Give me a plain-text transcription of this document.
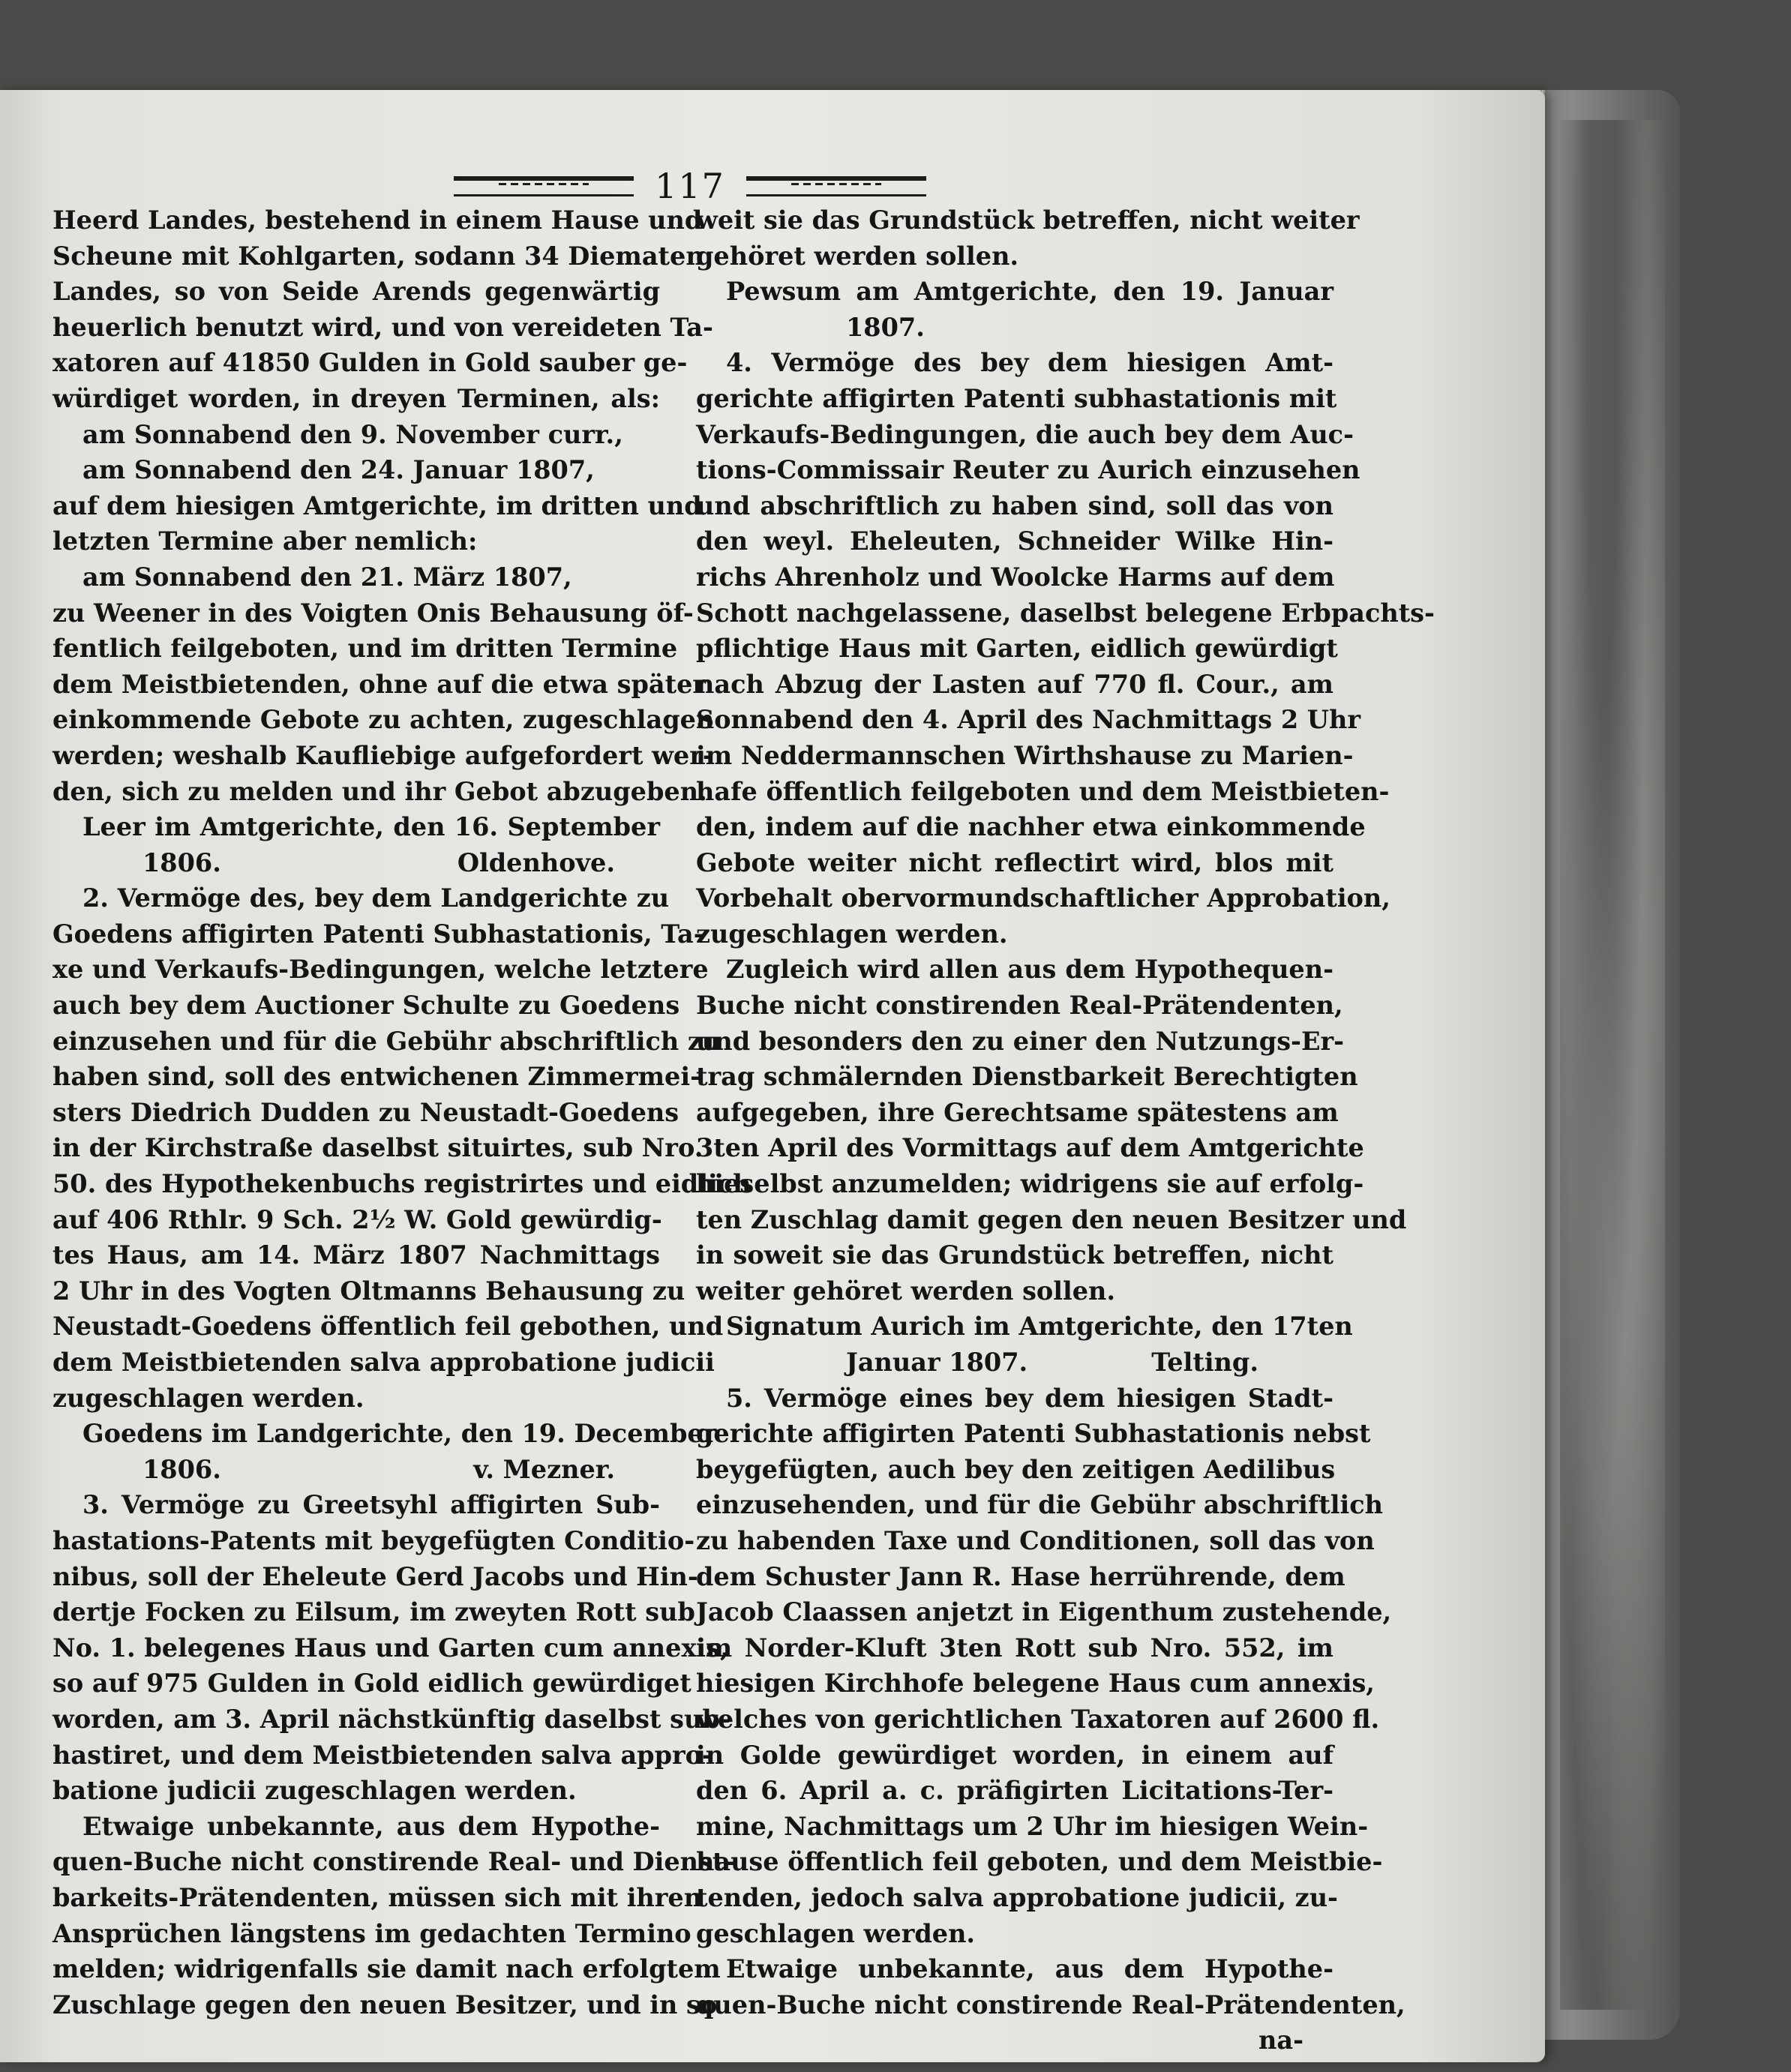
117
Heerd Landes, bestehend in einem Hause und
Scheune mit Kohlgarten, sodann 34 Diematen
Landes, so von Seide Arends gegenwärtig
heuerlich benutzt wird, und von vereideten Ta-
xatoren auf 41850 Gulden in Gold sauber ge-
würdiget worden, in dreyen Terminen, als:
am Sonnabend den 9. November curr.,
am Sonnabend den 24. Januar 1807,
auf dem hiesigen Amtgerichte, im dritten und
letzten Termine aber nemlich:
am Sonnabend den 21. März 1807,
zu Weener in des Voigten Onis Behausung öf-
fentlich feilgeboten, und im dritten Termine
dem Meistbietenden, ohne auf die etwa später
einkommende Gebote zu achten, zugeschlagen
werden; weshalb Kaufliebige aufgefordert wer-
den, sich zu melden und ihr Gebot abzugeben.
Leer im Amtgerichte, den 16. September
1806.	Oldenhove.
2. Vermöge des, bey dem Landgerichte zu
Goedens affigirten Patenti Subhastationis, Ta-
xe und Verkaufs-Bedingungen, welche letztere
auch bey dem Auctioner Schulte zu Goedens
einzusehen und für die Gebühr abschriftlich zu
haben sind, soll des entwichenen Zimmermei-
sters Diedrich Dudden zu Neustadt-Goedens
in der Kirchstraße daselbst situirtes, sub Nro.
50. des Hypothekenbuchs registrirtes und eidlich
auf 406 Rthlr. 9 Sch. 2½ W. Gold gewürdig-
tes Haus, am 14. März 1807 Nachmittags
2 Uhr in des Vogten Oltmanns Behausung zu
Neustadt-Goedens öffentlich feil gebothen, und
dem Meistbietenden salva approbatione judicii
zugeschlagen werden.
Goedens im Landgerichte, den 19. December
1806.	v. Mezner.
3. Vermöge zu Greetsyhl affigirten Sub-
hastations-Patents mit beygefügten Conditio-
nibus, soll der Eheleute Gerd Jacobs und Hin-
dertje Focken zu Eilsum, im zweyten Rott sub
No. 1. belegenes Haus und Garten cum annexis,
so auf 975 Gulden in Gold eidlich gewürdiget
worden, am 3. April nächstkünftig daselbst sub-
hastiret, und dem Meistbietenden salva appro-
batione judicii zugeschlagen werden.
Etwaige unbekannte, aus dem Hypothe-
quen-Buche nicht constirende Real- und Dienst-
barkeits-Prätendenten, müssen sich mit ihren
Ansprüchen längstens im gedachten Termino
melden; widrigenfalls sie damit nach erfolgtem
Zuschlage gegen den neuen Besitzer, und in so
weit sie das Grundstück betreffen, nicht weiter
gehöret werden sollen.
Pewsum am Amtgerichte, den 19. Januar
1807.
4. Vermöge des bey dem hiesigen Amt-
gerichte affigirten Patenti subhastationis mit
Verkaufs-Bedingungen, die auch bey dem Auc-
tions-Commissair Reuter zu Aurich einzusehen
und abschriftlich zu haben sind, soll das von
den weyl. Eheleuten, Schneider Wilke Hin-
richs Ahrenholz und Woolcke Harms auf dem
Schott nachgelassene, daselbst belegene Erbpachts-
pflichtige Haus mit Garten, eidlich gewürdigt
nach Abzug der Lasten auf 770 fl. Cour., am
Sonnabend den 4. April des Nachmittags 2 Uhr
im Neddermannschen Wirthshause zu Marien-
hafe öffentlich feilgeboten und dem Meistbieten-
den, indem auf die nachher etwa einkommende
Gebote weiter nicht reflectirt wird, blos mit
Vorbehalt obervormundschaftlicher Approbation,
zugeschlagen werden.
Zugleich wird allen aus dem Hypothequen-
Buche nicht constirenden Real-Prätendenten,
und besonders den zu einer den Nutzungs-Er-
trag schmälernden Dienstbarkeit Berechtigten
aufgegeben, ihre Gerechtsame spätestens am
3ten April des Vormittags auf dem Amtgerichte
hieselbst anzumelden; widrigens sie auf erfolg-
ten Zuschlag damit gegen den neuen Besitzer und
in soweit sie das Grundstück betreffen, nicht
weiter gehöret werden sollen.
Signatum Aurich im Amtgerichte, den 17ten
Januar 1807.	Telting.
5. Vermöge eines bey dem hiesigen Stadt-
gerichte affigirten Patenti Subhastationis nebst
beygefügten, auch bey den zeitigen Aedilibus
einzusehenden, und für die Gebühr abschriftlich
zu habenden Taxe und Conditionen, soll das von
dem Schuster Jann R. Hase herrührende, dem
Jacob Claassen anjetzt in Eigenthum zustehende,
im Norder-Kluft 3ten Rott sub Nro. 552, im
hiesigen Kirchhofe belegene Haus cum annexis,
welches von gerichtlichen Taxatoren auf 2600 fl.
in Golde gewürdiget worden, in einem auf
den 6. April a. c. präfigirten Licitations-Ter-
mine, Nachmittags um 2 Uhr im hiesigen Wein-
hause öffentlich feil geboten, und dem Meistbie-
tenden, jedoch salva approbatione judicii, zu-
geschlagen werden.
Etwaige unbekannte, aus dem Hypothe-
quen-Buche nicht constirende Real-Prätendenten,
na-
